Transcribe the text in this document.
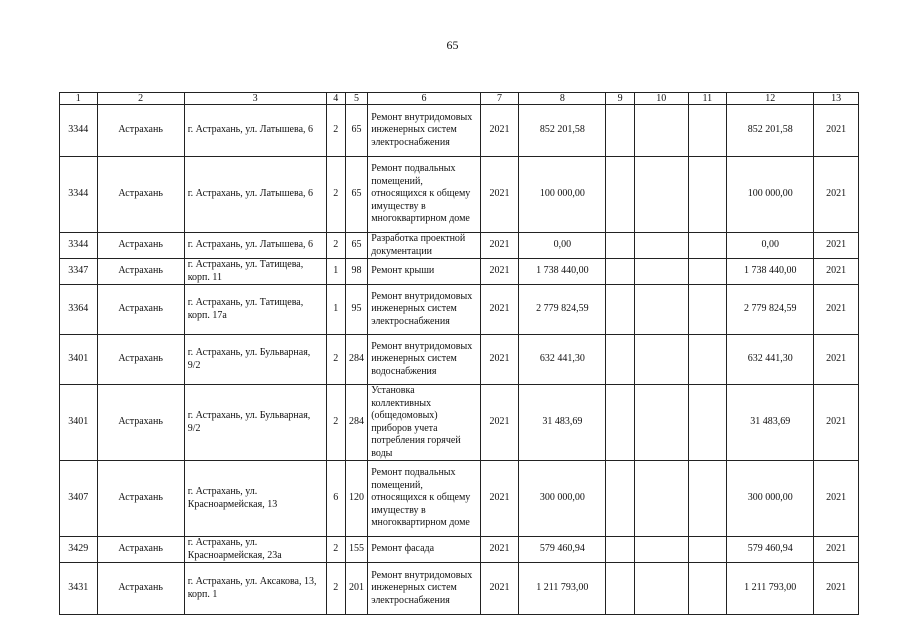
65
1	2	3	4	5	6	7	8	9	10	11	12	13
3344	Астрахань	г. Астрахань, ул. Латышева, 6	2	65	Ремонт внутридомовых инженерных систем электроснабжения	2021	852 201,58				852 201,58	2021
3344	Астрахань	г. Астрахань, ул. Латышева, 6	2	65	Ремонт подвальных помещений, относящихся к общему имуществу в многоквартирном доме	2021	100 000,00				100 000,00	2021
3344	Астрахань	г. Астрахань, ул. Латышева, 6	2	65	Разработка проектной документации	2021	0,00				0,00	2021
3347	Астрахань	г. Астрахань, ул. Татищева, корп. 11	1	98	Ремонт крыши	2021	1 738 440,00				1 738 440,00	2021
3364	Астрахань	г. Астрахань, ул. Татищева, корп. 17а	1	95	Ремонт внутридомовых инженерных систем электроснабжения	2021	2 779 824,59				2 779 824,59	2021
3401	Астрахань	г. Астрахань, ул. Бульварная, 9/2	2	284	Ремонт внутридомовых инженерных систем водоснабжения	2021	632 441,30				632 441,30	2021
3401	Астрахань	г. Астрахань, ул. Бульварная, 9/2	2	284	Установка коллективных (общедомовых) приборов учета потребления горячей воды	2021	31 483,69				31 483,69	2021
3407	Астрахань	г. Астрахань, ул. Красноармейская, 13	6	120	Ремонт подвальных помещений, относящихся к общему имуществу в многоквартирном доме	2021	300 000,00				300 000,00	2021
3429	Астрахань	г. Астрахань, ул. Красноармейская, 23а	2	155	Ремонт фасада	2021	579 460,94				579 460,94	2021
3431	Астрахань	г. Астрахань, ул. Аксакова, 13, корп. 1	2	201	Ремонт внутридомовых инженерных систем электроснабжения	2021	1 211 793,00				1 211 793,00	2021
